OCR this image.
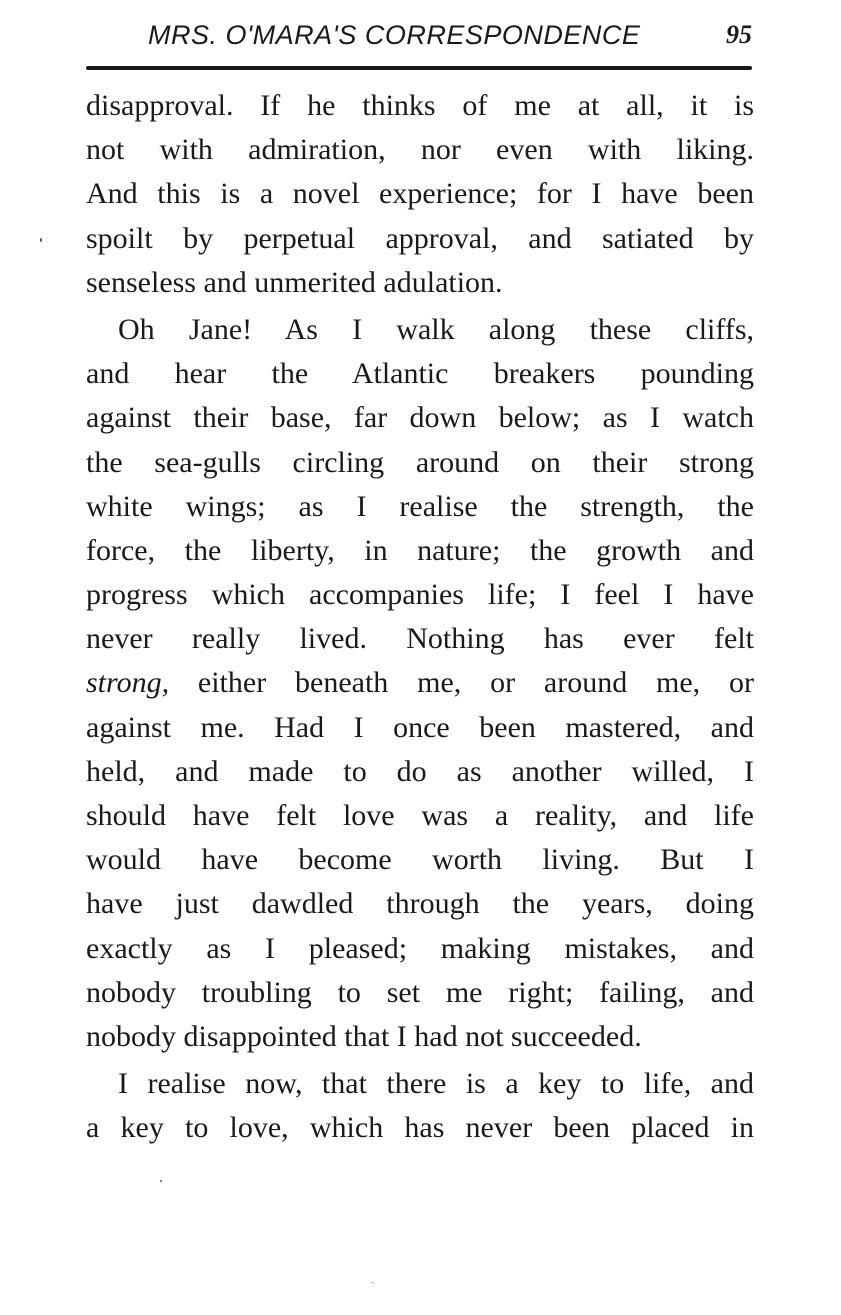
MRS. O'MARA'S CORRESPONDENCE	95
disapproval. If he thinks of me at all, it is
not with admiration, nor even with liking.
And this is a novel experience; for I have been
spoilt by perpetual approval, and satiated by
senseless and unmerited adulation.
Oh Jane! As I walk along these cliffs,
and hear the Atlantic breakers pounding
against their base, far down below; as I watch
the sea-gulls circling around on their strong
white wings; as I realise the strength, the
force, the liberty, in nature; the growth and
progress which accompanies life; I feel I have
never really lived. Nothing has ever felt
strong, either beneath me, or around me, or
against me. Had I once been mastered, and
held, and made to do as another willed, I
should have felt love was a reality, and life
would have become worth living. But I
have just dawdled through the years, doing
exactly as I pleased; making mistakes, and
nobody troubling to set me right; failing, and
nobody disappointed that I had not succeeded.
I realise now, that there is a key to life, and
a key to love, which has never been placed in
